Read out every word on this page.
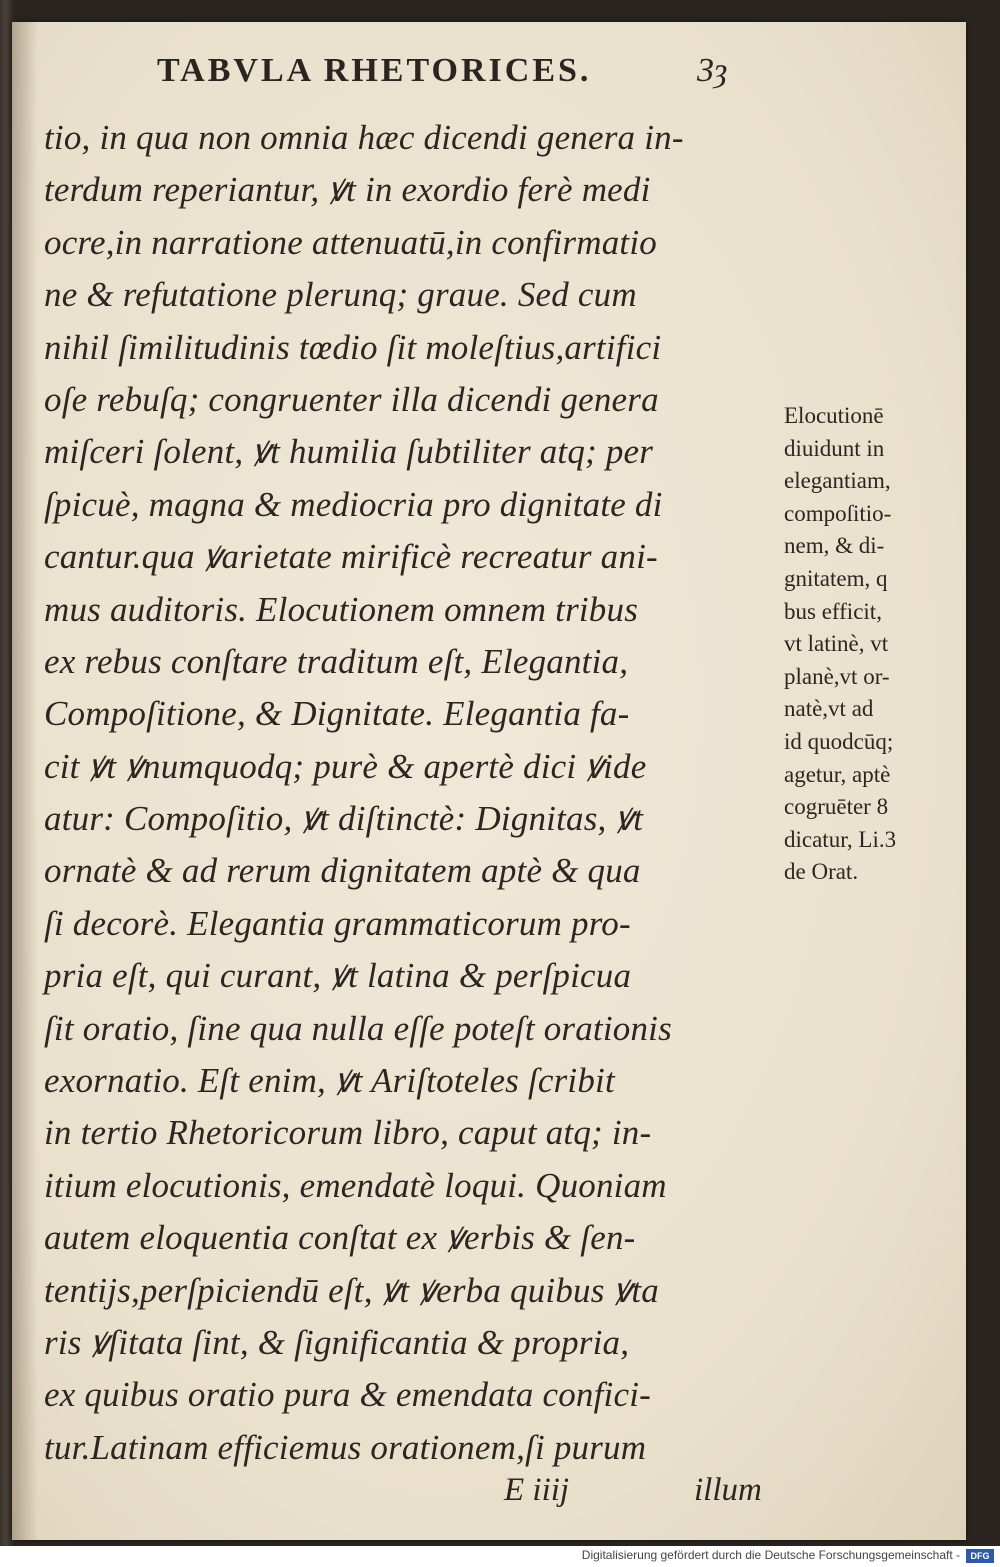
TABVLA RHETORICES.	3ȝ
tio, in qua non omnia hæc dicendi genera in-
terdum reperiantur, ꝟt in exordio ferè medi
ocre,in narratione attenuatū,in confirmatio
ne & refutatione plerunq; graue. Sed cum
nihil ſimilitudinis tœdio ſit moleſtius,artifici
oſe rebuſq; congruenter illa dicendi genera
miſceri ſolent, ꝟt humilia ſubtiliter atq; per
ſpicuè, magna & mediocria pro dignitate di
cantur.qua ꝟarietate mirificè recreatur ani-
mus auditoris. Elocutionem omnem tribus
ex rebus conſtare traditum eſt, Elegantia,
Compoſitione, & Dignitate. Elegantia fa-
cit ꝟt ꝟnumquodq; purè & apertè dici ꝟide
atur: Compoſitio, ꝟt diſtinctè: Dignitas, ꝟt
ornatè & ad rerum dignitatem aptè & qua
ſi decorè. Elegantia grammaticorum pro-
pria eſt, qui curant, ꝟt latina & perſpicua
ſit oratio, ſine qua nulla eſſe poteſt orationis
exornatio. Eſt enim, ꝟt Ariſtoteles ſcribit
in tertio Rhetoricorum libro, caput atq; in-
itium elocutionis, emendatè loqui. Quoniam
autem eloquentia conſtat ex ꝟerbis & ſen-
tentijs,perſpiciendū eſt, ꝟt ꝟerba quibus ꝟta
ris ꝟſitata ſint, & ſignificantia & propria,
ex quibus oratio pura & emendata confici-
tur.Latinam efficiemus orationem,ſi purum
E iiij	illum
Elocutionē
diuidunt in
elegantiam,
compoſitio-
nem, & di-
gnitatem, q
bus efficit,
vt latinè, vt
planè,vt or-
natè,vt ad
id quodcūq;
agetur, aptè
cogruēter 8
dicatur, Li.3
de Orat.
Digitalisierung gefördert durch die Deutsche Forschungsgemeinschaft -	DFG
